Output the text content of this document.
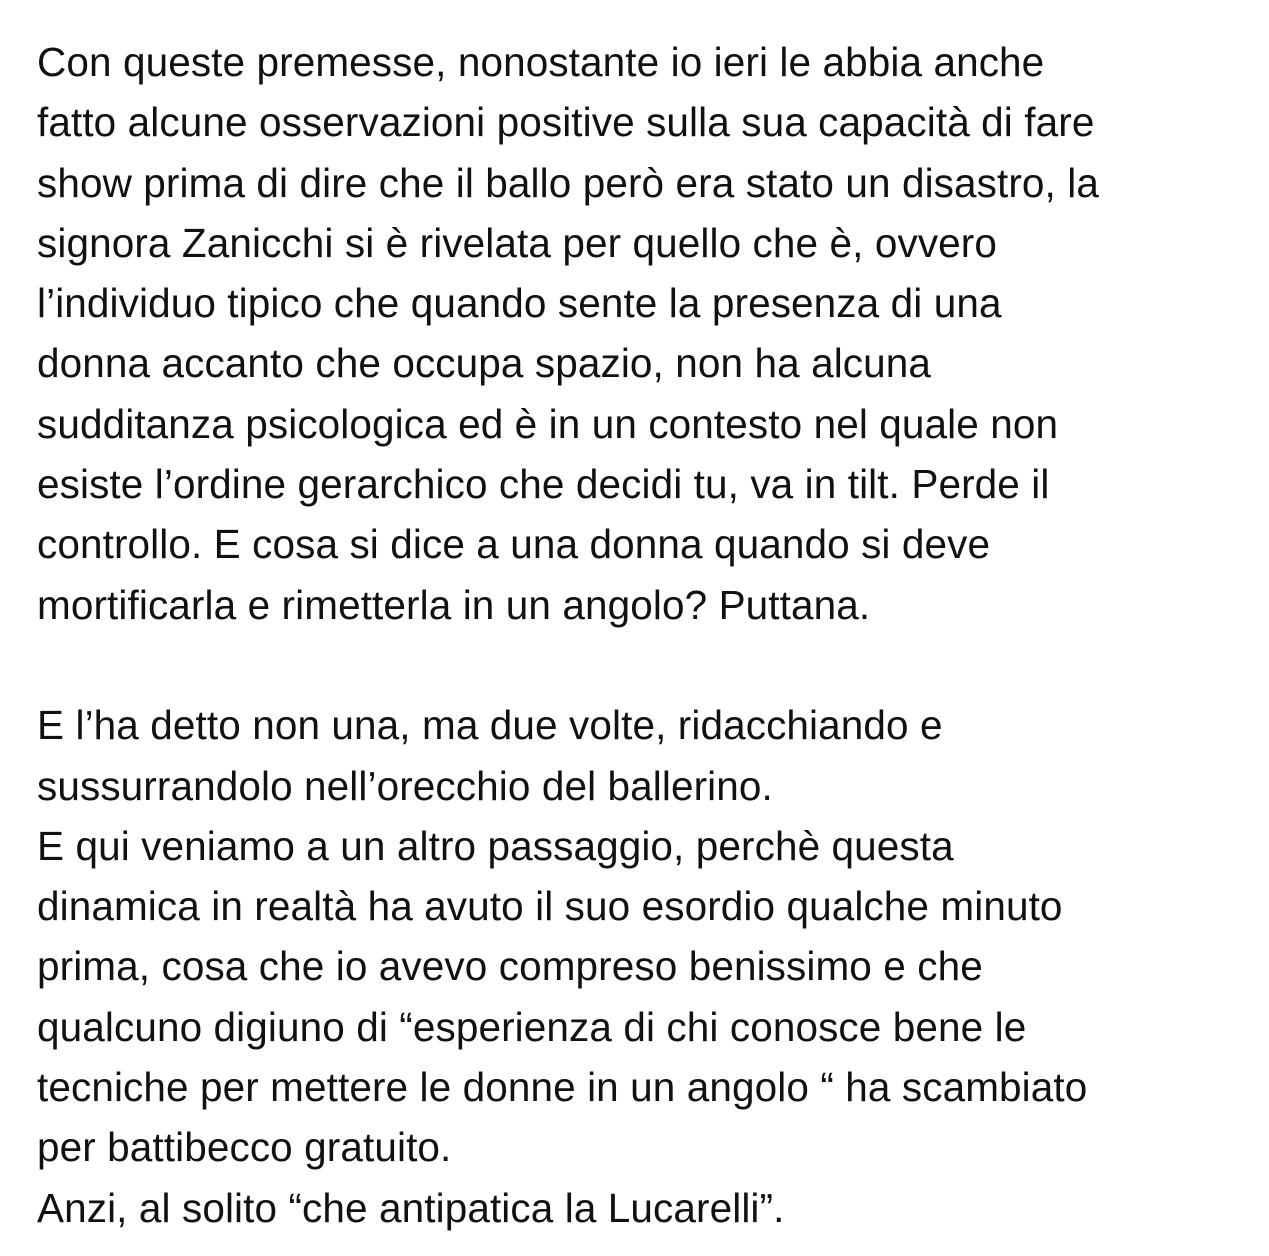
Con queste premesse, nonostante io ieri le abbia anche
fatto alcune osservazioni positive sulla sua capacità di fare
show prima di dire che il ballo però era stato un disastro, la
signora Zanicchi si è rivelata per quello che è, ovvero
l’individuo tipico che quando sente la presenza di una
donna accanto che occupa spazio, non ha alcuna
sudditanza psicologica ed è in un contesto nel quale non
esiste l’ordine gerarchico che decidi tu, va in tilt. Perde il
controllo. E cosa si dice a una donna quando si deve
mortificarla e rimetterla in un angolo? Puttana.
E l’ha detto non una, ma due volte, ridacchiando e
sussurrandolo nell’orecchio del ballerino.
E qui veniamo a un altro passaggio, perchè questa
dinamica in realtà ha avuto il suo esordio qualche minuto
prima, cosa che io avevo compreso benissimo e che
qualcuno digiuno di “esperienza di chi conosce bene le
tecniche per mettere le donne in un angolo “ ha scambiato
per battibecco gratuito.
Anzi, al solito “che antipatica la Lucarelli”.
